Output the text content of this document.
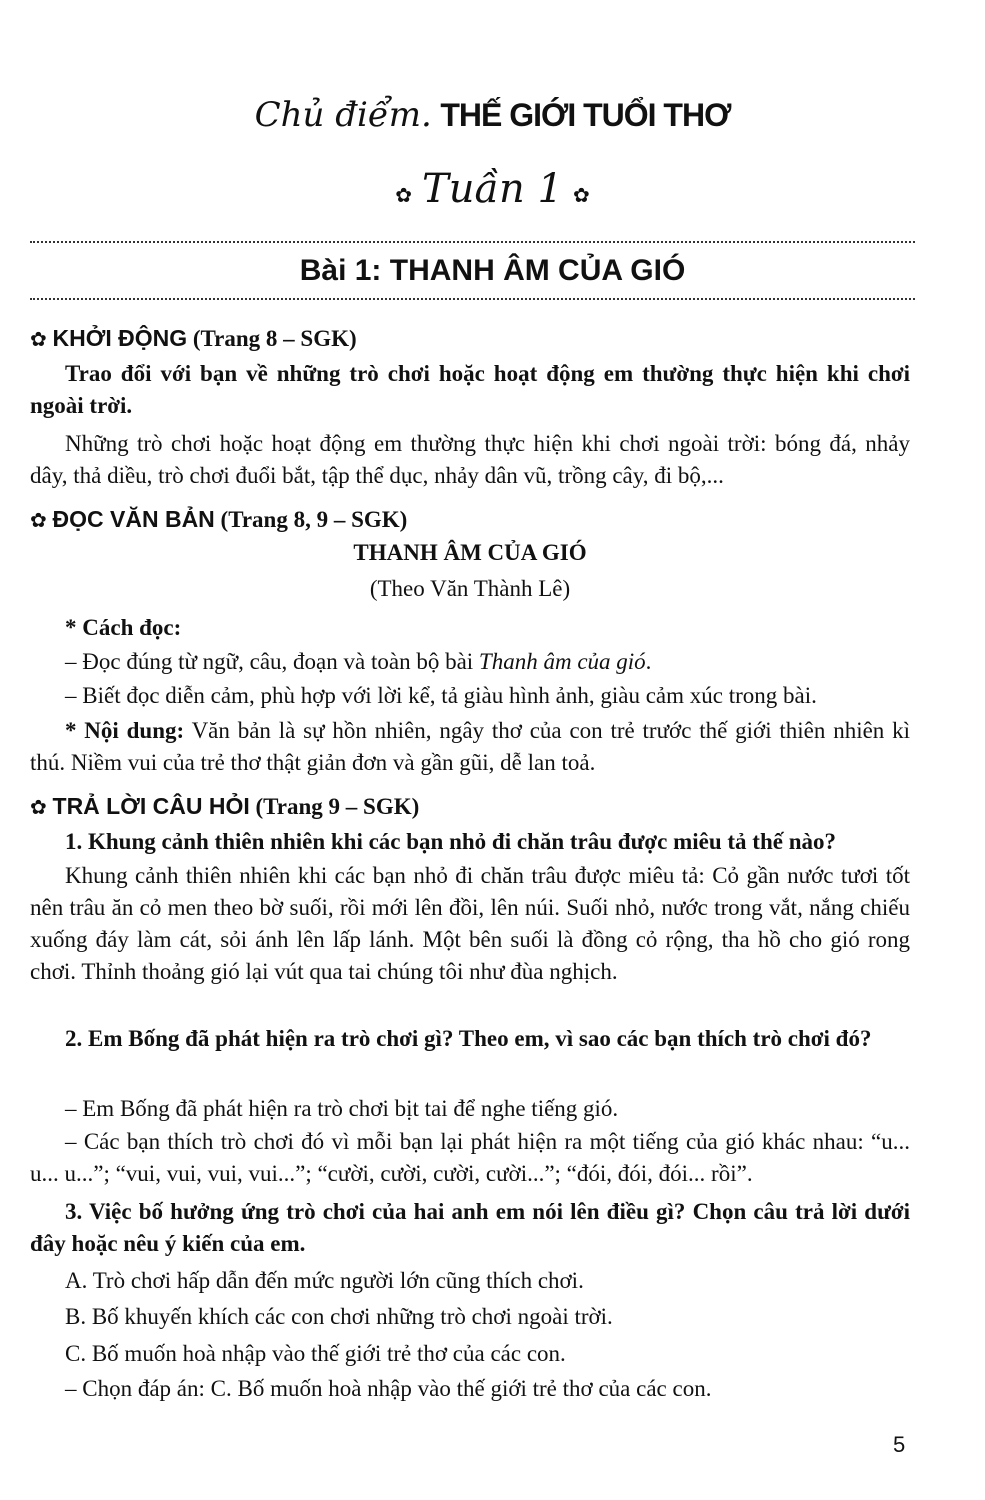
Chủ điểm. THẾ GIỚI TUỔI THƠ
✿ Tuần 1 ✿
Bài 1: THANH ÂM CỦA GIÓ
✿ KHỞI ĐỘNG (Trang 8 – SGK)
Trao đổi với bạn về những trò chơi hoặc hoạt động em thường thực hiện khi chơi ngoài trời.
Những trò chơi hoặc hoạt động em thường thực hiện khi chơi ngoài trời: bóng đá, nhảy dây, thả diều, trò chơi đuổi bắt, tập thể dục, nhảy dân vũ, trồng cây, đi bộ,...
✿ ĐỌC VĂN BẢN (Trang 8, 9 – SGK)
THANH ÂM CỦA GIÓ
(Theo Văn Thành Lê)
* Cách đọc:
– Đọc đúng từ ngữ, câu, đoạn và toàn bộ bài Thanh âm của gió.
– Biết đọc diễn cảm, phù hợp với lời kể, tả giàu hình ảnh, giàu cảm xúc trong bài.
* Nội dung: Văn bản là sự hồn nhiên, ngây thơ của con trẻ trước thế giới thiên nhiên kì thú. Niềm vui của trẻ thơ thật giản đơn và gần gũi, dễ lan toả.
✿ TRẢ LỜI CÂU HỎI (Trang 9 – SGK)
1. Khung cảnh thiên nhiên khi các bạn nhỏ đi chăn trâu được miêu tả thế nào?
Khung cảnh thiên nhiên khi các bạn nhỏ đi chăn trâu được miêu tả: Cỏ gần nước tươi tốt nên trâu ăn cỏ men theo bờ suối, rồi mới lên đồi, lên núi. Suối nhỏ, nước trong vắt, nắng chiếu xuống đáy làm cát, sỏi ánh lên lấp lánh. Một bên suối là đồng cỏ rộng, tha hồ cho gió rong chơi. Thỉnh thoảng gió lại vút qua tai chúng tôi như đùa nghịch.
2. Em Bống đã phát hiện ra trò chơi gì? Theo em, vì sao các bạn thích trò chơi đó?
– Em Bống đã phát hiện ra trò chơi bịt tai để nghe tiếng gió.
– Các bạn thích trò chơi đó vì mỗi bạn lại phát hiện ra một tiếng của gió khác nhau: “u... u... u...”; “vui, vui, vui, vui...”; “cười, cười, cười, cười...”; “đói, đói, đói... rồi”.
3. Việc bố hưởng ứng trò chơi của hai anh em nói lên điều gì? Chọn câu trả lời dưới đây hoặc nêu ý kiến của em.
A. Trò chơi hấp dẫn đến mức người lớn cũng thích chơi.
B. Bố khuyến khích các con chơi những trò chơi ngoài trời.
C. Bố muốn hoà nhập vào thế giới trẻ thơ của các con.
– Chọn đáp án: C. Bố muốn hoà nhập vào thế giới trẻ thơ của các con.
5
